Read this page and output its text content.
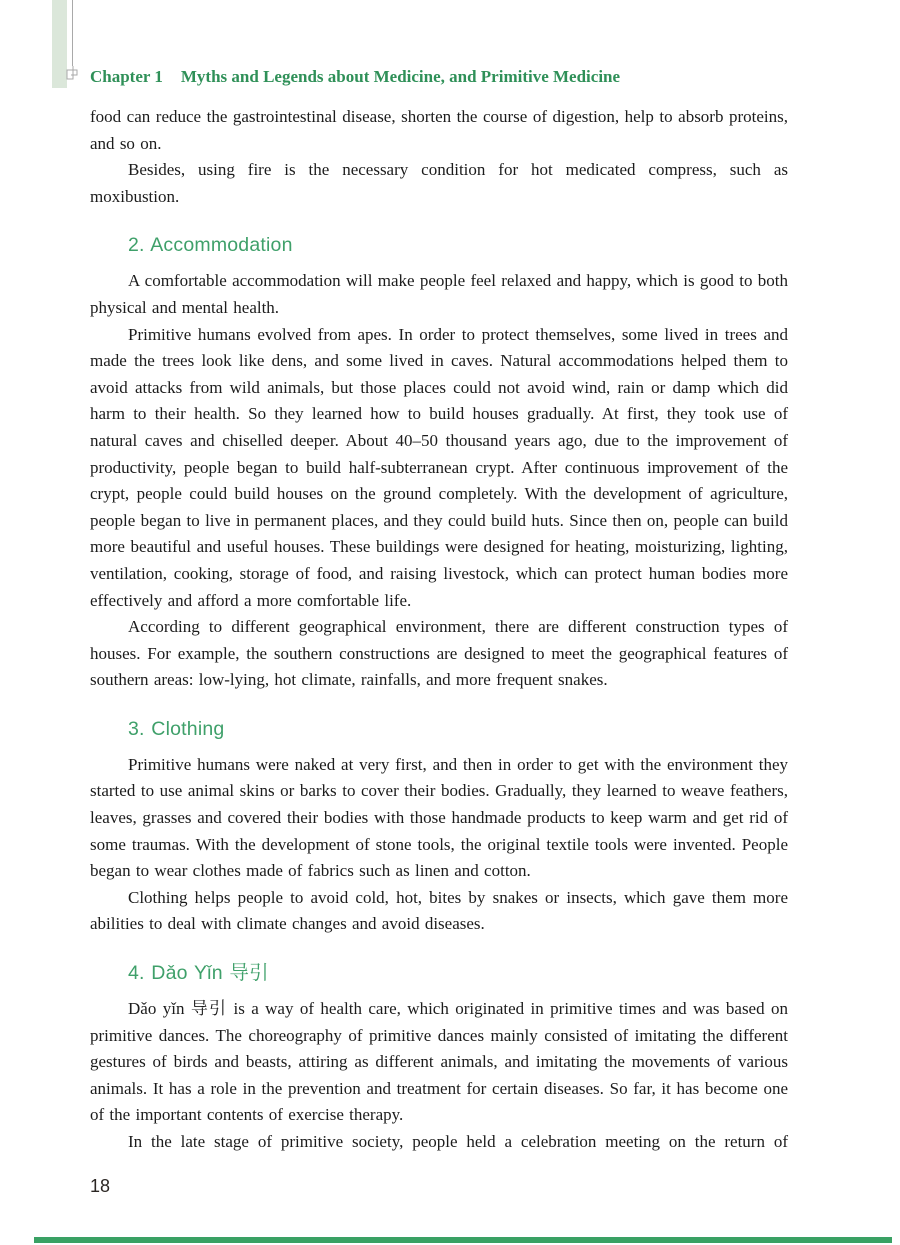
Chapter 1 Myths and Legends about Medicine, and Primitive Medicine

food can reduce the gastrointestinal disease, shorten the course of digestion, help to absorb proteins, and so on.

Besides, using fire is the necessary condition for hot medicated compress, such as moxibustion.

2. Accommodation

A comfortable accommodation will make people feel relaxed and happy, which is good to both physical and mental health.

Primitive humans evolved from apes. In order to protect themselves, some lived in trees and made the trees look like dens, and some lived in caves. Natural accommodations helped them to avoid attacks from wild animals, but those places could not avoid wind, rain or damp which did harm to their health. So they learned how to build houses gradually. At first, they took use of natural caves and chiselled deeper. About 40–50 thousand years ago, due to the improvement of productivity, people began to build half-subterranean crypt. After continuous improvement of the crypt, people could build houses on the ground completely. With the development of agriculture, people began to live in permanent places, and they could build huts. Since then on, people can build more beautiful and useful houses. These buildings were designed for heating, moisturizing, lighting, ventilation, cooking, storage of food, and raising livestock, which can protect human bodies more effectively and afford a more comfortable life.

According to different geographical environment, there are different construction types of houses. For example, the southern constructions are designed to meet the geographical features of southern areas: low-lying, hot climate, rainfalls, and more frequent snakes.

3. Clothing

Primitive humans were naked at very first, and then in order to get with the environment they started to use animal skins or barks to cover their bodies. Gradually, they learned to weave feathers, leaves, grasses and covered their bodies with those handmade products to keep warm and get rid of some traumas. With the development of stone tools, the original textile tools were invented. People began to wear clothes made of fabrics such as linen and cotton.

Clothing helps people to avoid cold, hot, bites by snakes or insects, which gave them more abilities to deal with climate changes and avoid diseases.

4. Dǎo Yǐn 导引

Dǎo yǐn 导引 is a way of health care, which originated in primitive times and was based on primitive dances. The choreography of primitive dances mainly consisted of imitating the different gestures of birds and beasts, attiring as different animals, and imitating the movements of various animals. It has a role in the prevention and treatment for certain diseases. So far, it has become one of the important contents of exercise therapy.

In the late stage of primitive society, people held a celebration meeting on the return of

18
